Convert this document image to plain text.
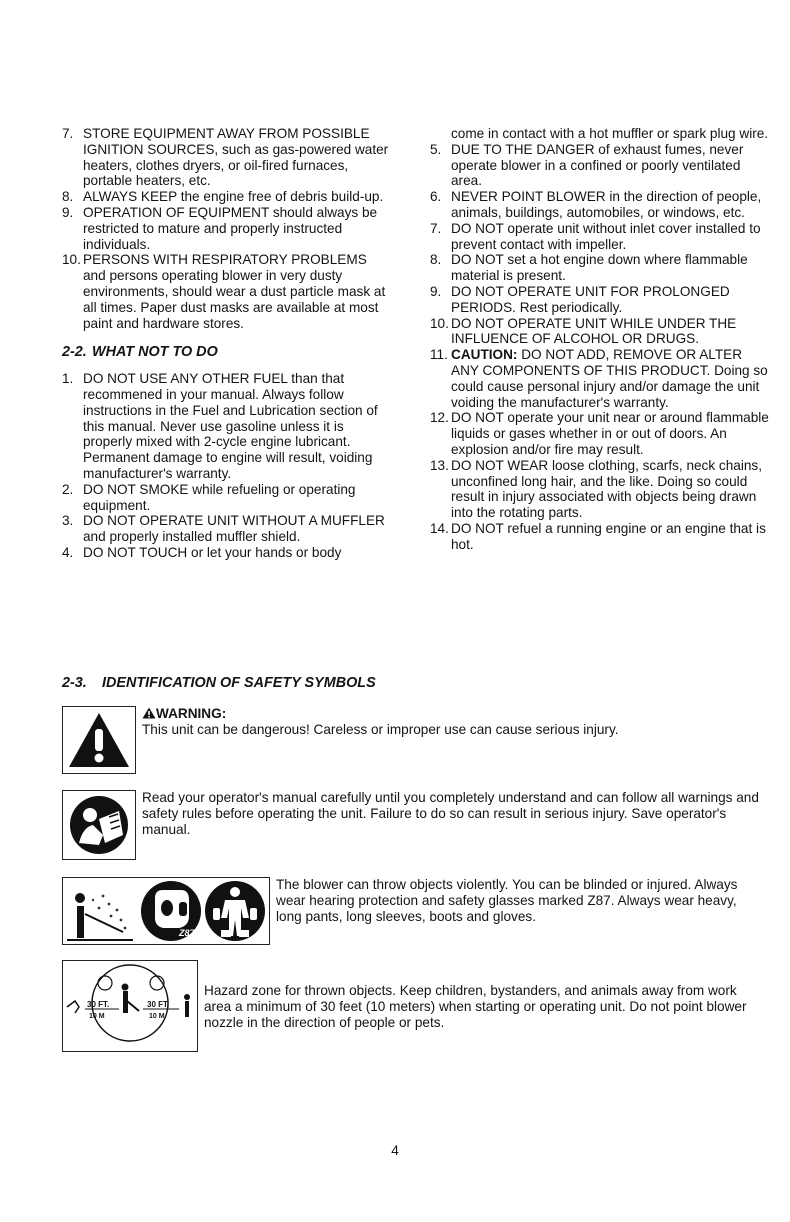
7. STORE EQUIPMENT AWAY FROM POSSIBLE IGNITION SOURCES, such as gas-powered water heaters, clothes dryers, or oil-fired furnaces, portable heaters, etc.
8. ALWAYS KEEP the engine free of debris build-up.
9. OPERATION OF EQUIPMENT should always be restricted to mature and properly instructed individuals.
10. PERSONS WITH RESPIRATORY PROBLEMS and persons operating blower in very dusty environments, should wear a dust particle mask at all times. Paper dust masks are available at most paint and hardware stores.
2-2. WHAT NOT TO DO
1. DO NOT USE ANY OTHER FUEL than that recommened in your manual. Always follow instructions in the Fuel and Lubrication section of this manual. Never use gasoline unless it is properly mixed with 2-cycle engine lubricant. Permanent damage to engine will result, voiding manufacturer's warranty.
2. DO NOT SMOKE while refueling or operating equipment.
3. DO NOT OPERATE UNIT WITHOUT A MUFFLER and properly installed muffler shield.
4. DO NOT TOUCH or let your hands or body
come in contact with a hot muffler or spark plug wire.
5. DUE TO THE DANGER of exhaust fumes, never operate blower in a confined or poorly ventilated area.
6. NEVER POINT BLOWER in the direction of people, animals, buildings, automobiles, or windows, etc.
7. DO NOT operate unit without inlet cover installed to prevent contact with impeller.
8. DO NOT set a hot engine down where flammable material is present.
9. DO NOT OPERATE UNIT FOR PROLONGED PERIODS. Rest periodically.
10. DO NOT OPERATE UNIT WHILE UNDER THE INFLUENCE OF ALCOHOL OR DRUGS.
11. CAUTION: DO NOT ADD, REMOVE OR ALTER ANY COMPONENTS OF THIS PRODUCT. Doing so could cause personal injury and/or damage the unit voiding the manufacturer's warranty.
12. DO NOT operate your unit near or around flammable liquids or gases whether in or out of doors. An explosion and/or fire may result.
13. DO NOT WEAR loose clothing, scarfs, neck chains, unconfined long hair, and the like. Doing so could result in injury associated with objects being drawn into the rotating parts.
14. DO NOT refuel a running engine or an engine that is hot.
2-3. IDENTIFICATION OF SAFETY SYMBOLS
WARNING:
This unit can be dangerous! Careless or improper use can cause serious injury.
Read your operator's manual carefully until you completely understand and can follow all warnings and safety rules before operating the unit. Failure to do so can result in serious injury. Save operator's manual.
Z87
The blower can throw objects violently. You can be blinded or injured. Always wear hearing protection and safety glasses marked Z87. Always wear heavy, long pants, long sleeves, boots and gloves.
30 FT.
10 M
30 FT.
10 M
Hazard zone for thrown objects. Keep children, bystanders, and animals away from work area a minimum of 30 feet (10 meters) when starting or operating unit. Do not point blower nozzle in the direction of people or pets.
4
